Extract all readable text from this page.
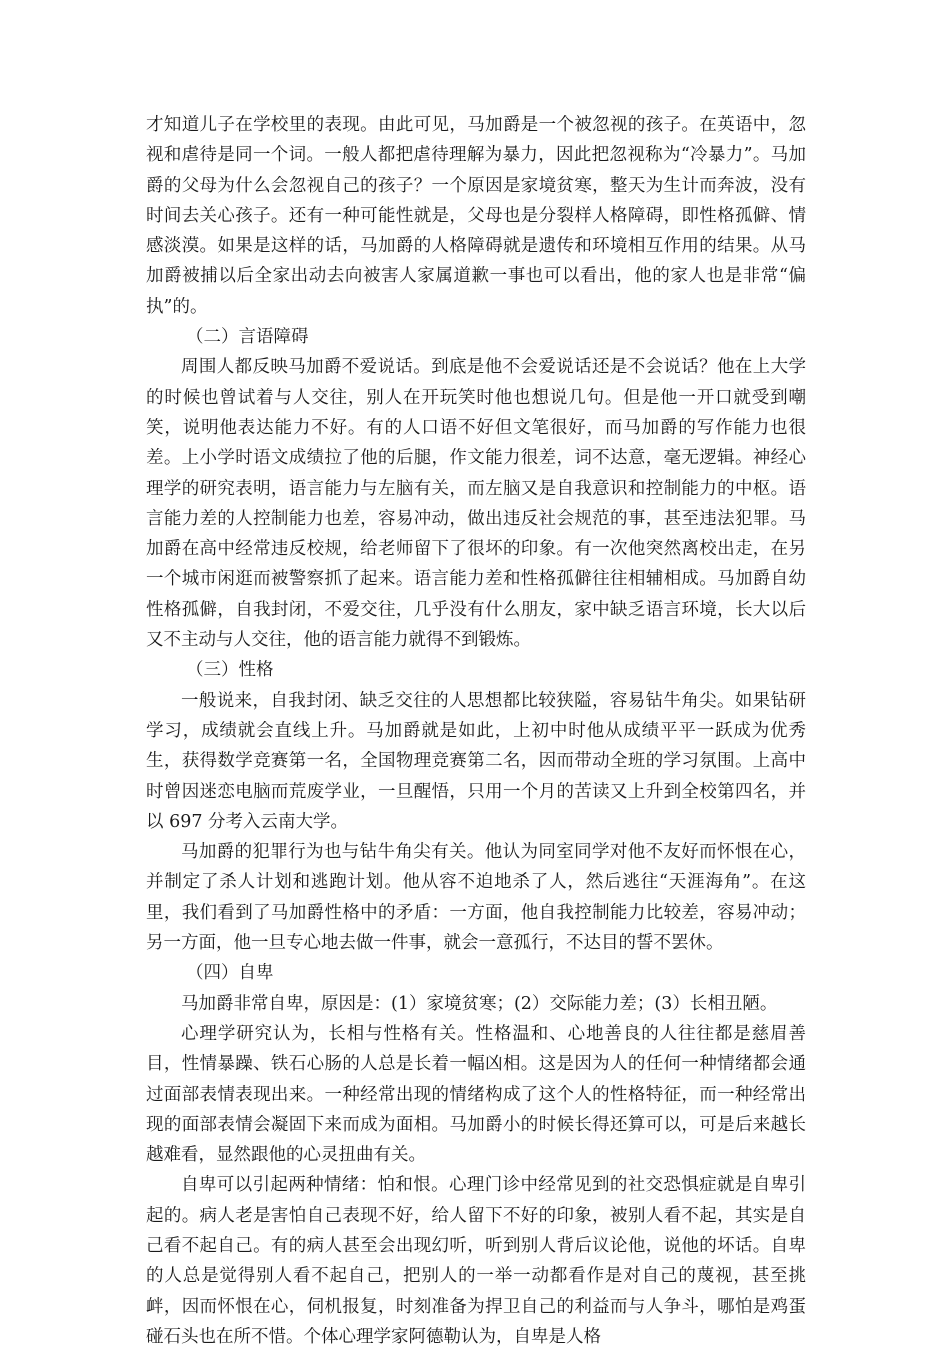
才知道儿子在学校里的表现。由此可见，马加爵是一个被忽视的孩子。在英语中，忽视和虐待是同一个词。一般人都把虐待理解为暴力，因此把忽视称为“冷暴力”。马加爵的父母为什么会忽视自己的孩子？一个原因是家境贫寒，整天为生计而奔波，没有时间去关心孩子。还有一种可能性就是，父母也是分裂样人格障碍，即性格孤僻、情感淡漠。如果是这样的话，马加爵的人格障碍就是遗传和环境相互作用的结果。从马加爵被捕以后全家出动去向被害人家属道歉一事也可以看出，他的家人也是非常“偏执”的。

（二）言语障碍

周围人都反映马加爵不爱说话。到底是他不会爱说话还是不会说话？他在上大学的时候也曾试着与人交往，别人在开玩笑时他也想说几句。但是他一开口就受到嘲笑，说明他表达能力不好。有的人口语不好但文笔很好，而马加爵的写作能力也很差。上小学时语文成绩拉了他的后腿，作文能力很差，词不达意，毫无逻辑。神经心理学的研究表明，语言能力与左脑有关，而左脑又是自我意识和控制能力的中枢。语言能力差的人控制能力也差，容易冲动，做出违反社会规范的事，甚至违法犯罪。马加爵在高中经常违反校规，给老师留下了很坏的印象。有一次他突然离校出走，在另一个城市闲逛而被警察抓了起来。语言能力差和性格孤僻往往相辅相成。马加爵自幼性格孤僻，自我封闭，不爱交往，几乎没有什么朋友，家中缺乏语言环境，长大以后又不主动与人交往，他的语言能力就得不到锻炼。

（三）性格

一般说来，自我封闭、缺乏交往的人思想都比较狭隘，容易钻牛角尖。如果钻研学习，成绩就会直线上升。马加爵就是如此，上初中时他从成绩平平一跃成为优秀生，获得数学竞赛第一名，全国物理竞赛第二名，因而带动全班的学习氛围。上高中时曾因迷恋电脑而荒废学业，一旦醒悟，只用一个月的苦读又上升到全校第四名，并以 697 分考入云南大学。

马加爵的犯罪行为也与钻牛角尖有关。他认为同室同学对他不友好而怀恨在心，并制定了杀人计划和逃跑计划。他从容不迫地杀了人，然后逃往“天涯海角”。在这里，我们看到了马加爵性格中的矛盾：一方面，他自我控制能力比较差，容易冲动；另一方面，他一旦专心地去做一件事，就会一意孤行，不达目的誓不罢休。

（四）自卑

马加爵非常自卑，原因是：(1）家境贫寒；(2）交际能力差；(3）长相丑陋。

心理学研究认为，长相与性格有关。性格温和、心地善良的人往往都是慈眉善目，性情暴躁、铁石心肠的人总是长着一幅凶相。这是因为人的任何一种情绪都会通过面部表情表现出来。一种经常出现的情绪构成了这个人的性格特征，而一种经常出现的面部表情会凝固下来而成为面相。马加爵小的时候长得还算可以，可是后来越长越难看，显然跟他的心灵扭曲有关。

自卑可以引起两种情绪：怕和恨。心理门诊中经常见到的社交恐惧症就是自卑引起的。病人老是害怕自己表现不好，给人留下不好的印象，被别人看不起，其实是自己看不起自己。有的病人甚至会出现幻听，听到别人背后议论他，说他的坏话。自卑的人总是觉得别人看不起自己，把别人的一举一动都看作是对自己的蔑视，甚至挑衅，因而怀恨在心，伺机报复，时刻准备为捍卫自己的利益而与人争斗，哪怕是鸡蛋碰石头也在所不惜。个体心理学家阿德勒认为，自卑是人格
